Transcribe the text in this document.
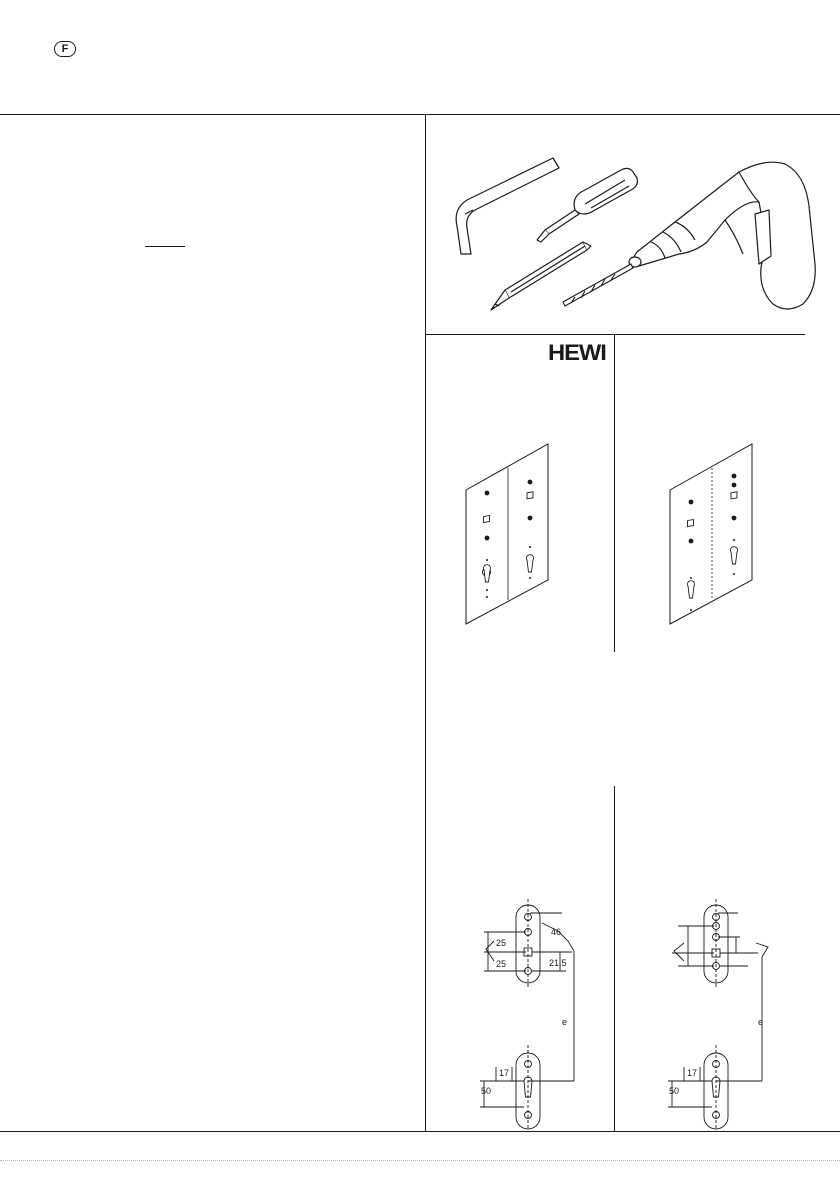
F
HEWI
25
25
46
21,5
e
17
50
e
17
50
